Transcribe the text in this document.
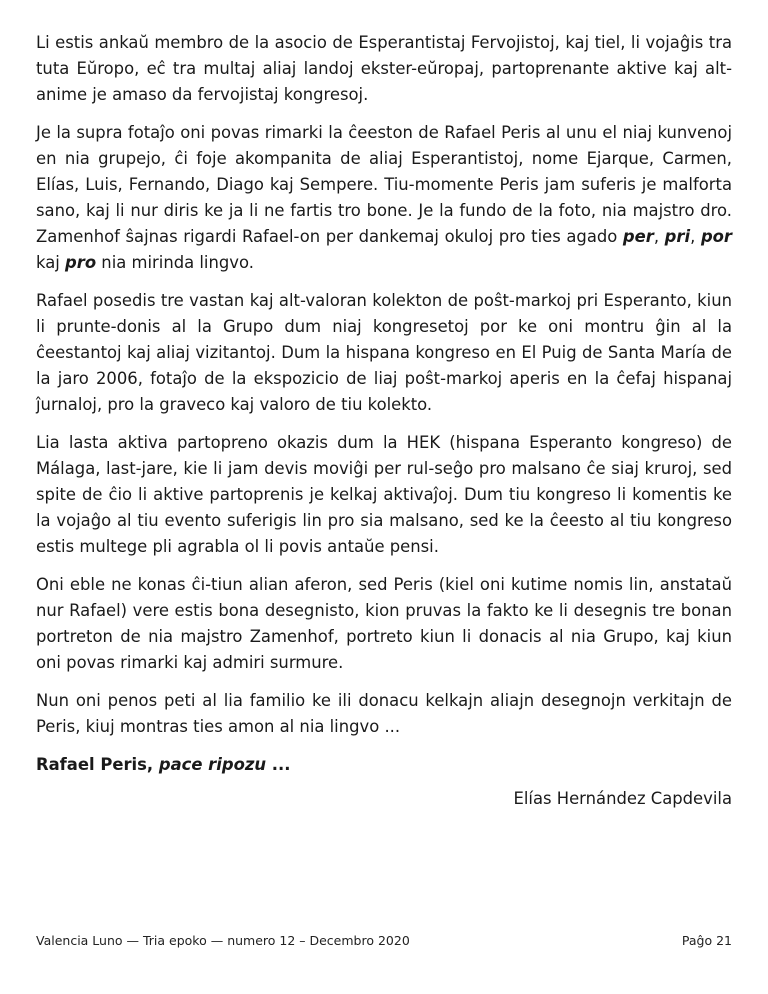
Li estis ankaŭ membro de la asocio de Esperantistaj Fervojistoj, kaj tiel, li vojaĝis tra tuta Eŭropo, eĉ tra multaj aliaj landoj ekster-eŭropaj, partoprenante aktive kaj alt-anime je amaso da fervojistaj kongresoj.

Je la supra fotaĵo oni povas rimarki la ĉeeston de Rafael Peris al unu el niaj kunvenoj en nia grupejo, ĉi foje akompanita de aliaj Esperantistoj, nome Ejarque, Carmen, Elías, Luis, Fernando, Diago kaj Sempere. Tiu-momente Peris jam suferis je malforta sano, kaj li nur diris ke ja li ne fartis tro bone. Je la fundo de la foto, nia majstro dro. Zamenhof ŝajnas rigardi Rafael-on per dankemaj okuloj pro ties agado per, pri, por kaj pro nia mirinda lingvo.

Rafael posedis tre vastan kaj alt-valoran kolekton de poŝt-markoj pri Esperanto, kiun li prunte-donis al la Grupo dum niaj kongresetoj por ke oni montru ĝin al la ĉeestantoj kaj aliaj vizitantoj. Dum la hispana kongreso en El Puig de Santa María de la jaro 2006, fotaĵo de la ekspozicio de liaj poŝt-markoj aperis en la ĉefaj hispanaj ĵurnaloj, pro la graveco kaj valoro de tiu kolekto.

Lia lasta aktiva partopreno okazis dum la HEK (hispana Esperanto kongreso) de Málaga, last-jare, kie li jam devis moviĝi per rul-seĝo pro malsano ĉe siaj kruroj, sed spite de ĉio li aktive partoprenis je kelkaj aktivaĵoj. Dum tiu kongreso li komentis ke la vojaĝo al tiu evento suferigis lin pro sia malsano, sed ke la ĉeesto al tiu kongreso estis multege pli agrabla ol li povis antaŭe pensi.

Oni eble ne konas ĉi-tiun alian aferon, sed Peris (kiel oni kutime nomis lin, anstataŭ nur Rafael) vere estis bona desegnisto, kion pruvas la fakto ke li desegnis tre bonan portreton de nia majstro Zamenhof, portreto kiun li donacis al nia Grupo, kaj kiun oni povas rimarki kaj admiri surmure.

Nun oni penos peti al lia familio ke ili donacu kelkajn aliajn desegnojn verkitajn de Peris, kiuj montras ties amon al nia lingvo ...

Rafael Peris, pace ripozu ...
Elías Hernández Capdevila
Valencia Luno — Tria epoko — numero 12 – Decembro 2020	Paĝo 21
